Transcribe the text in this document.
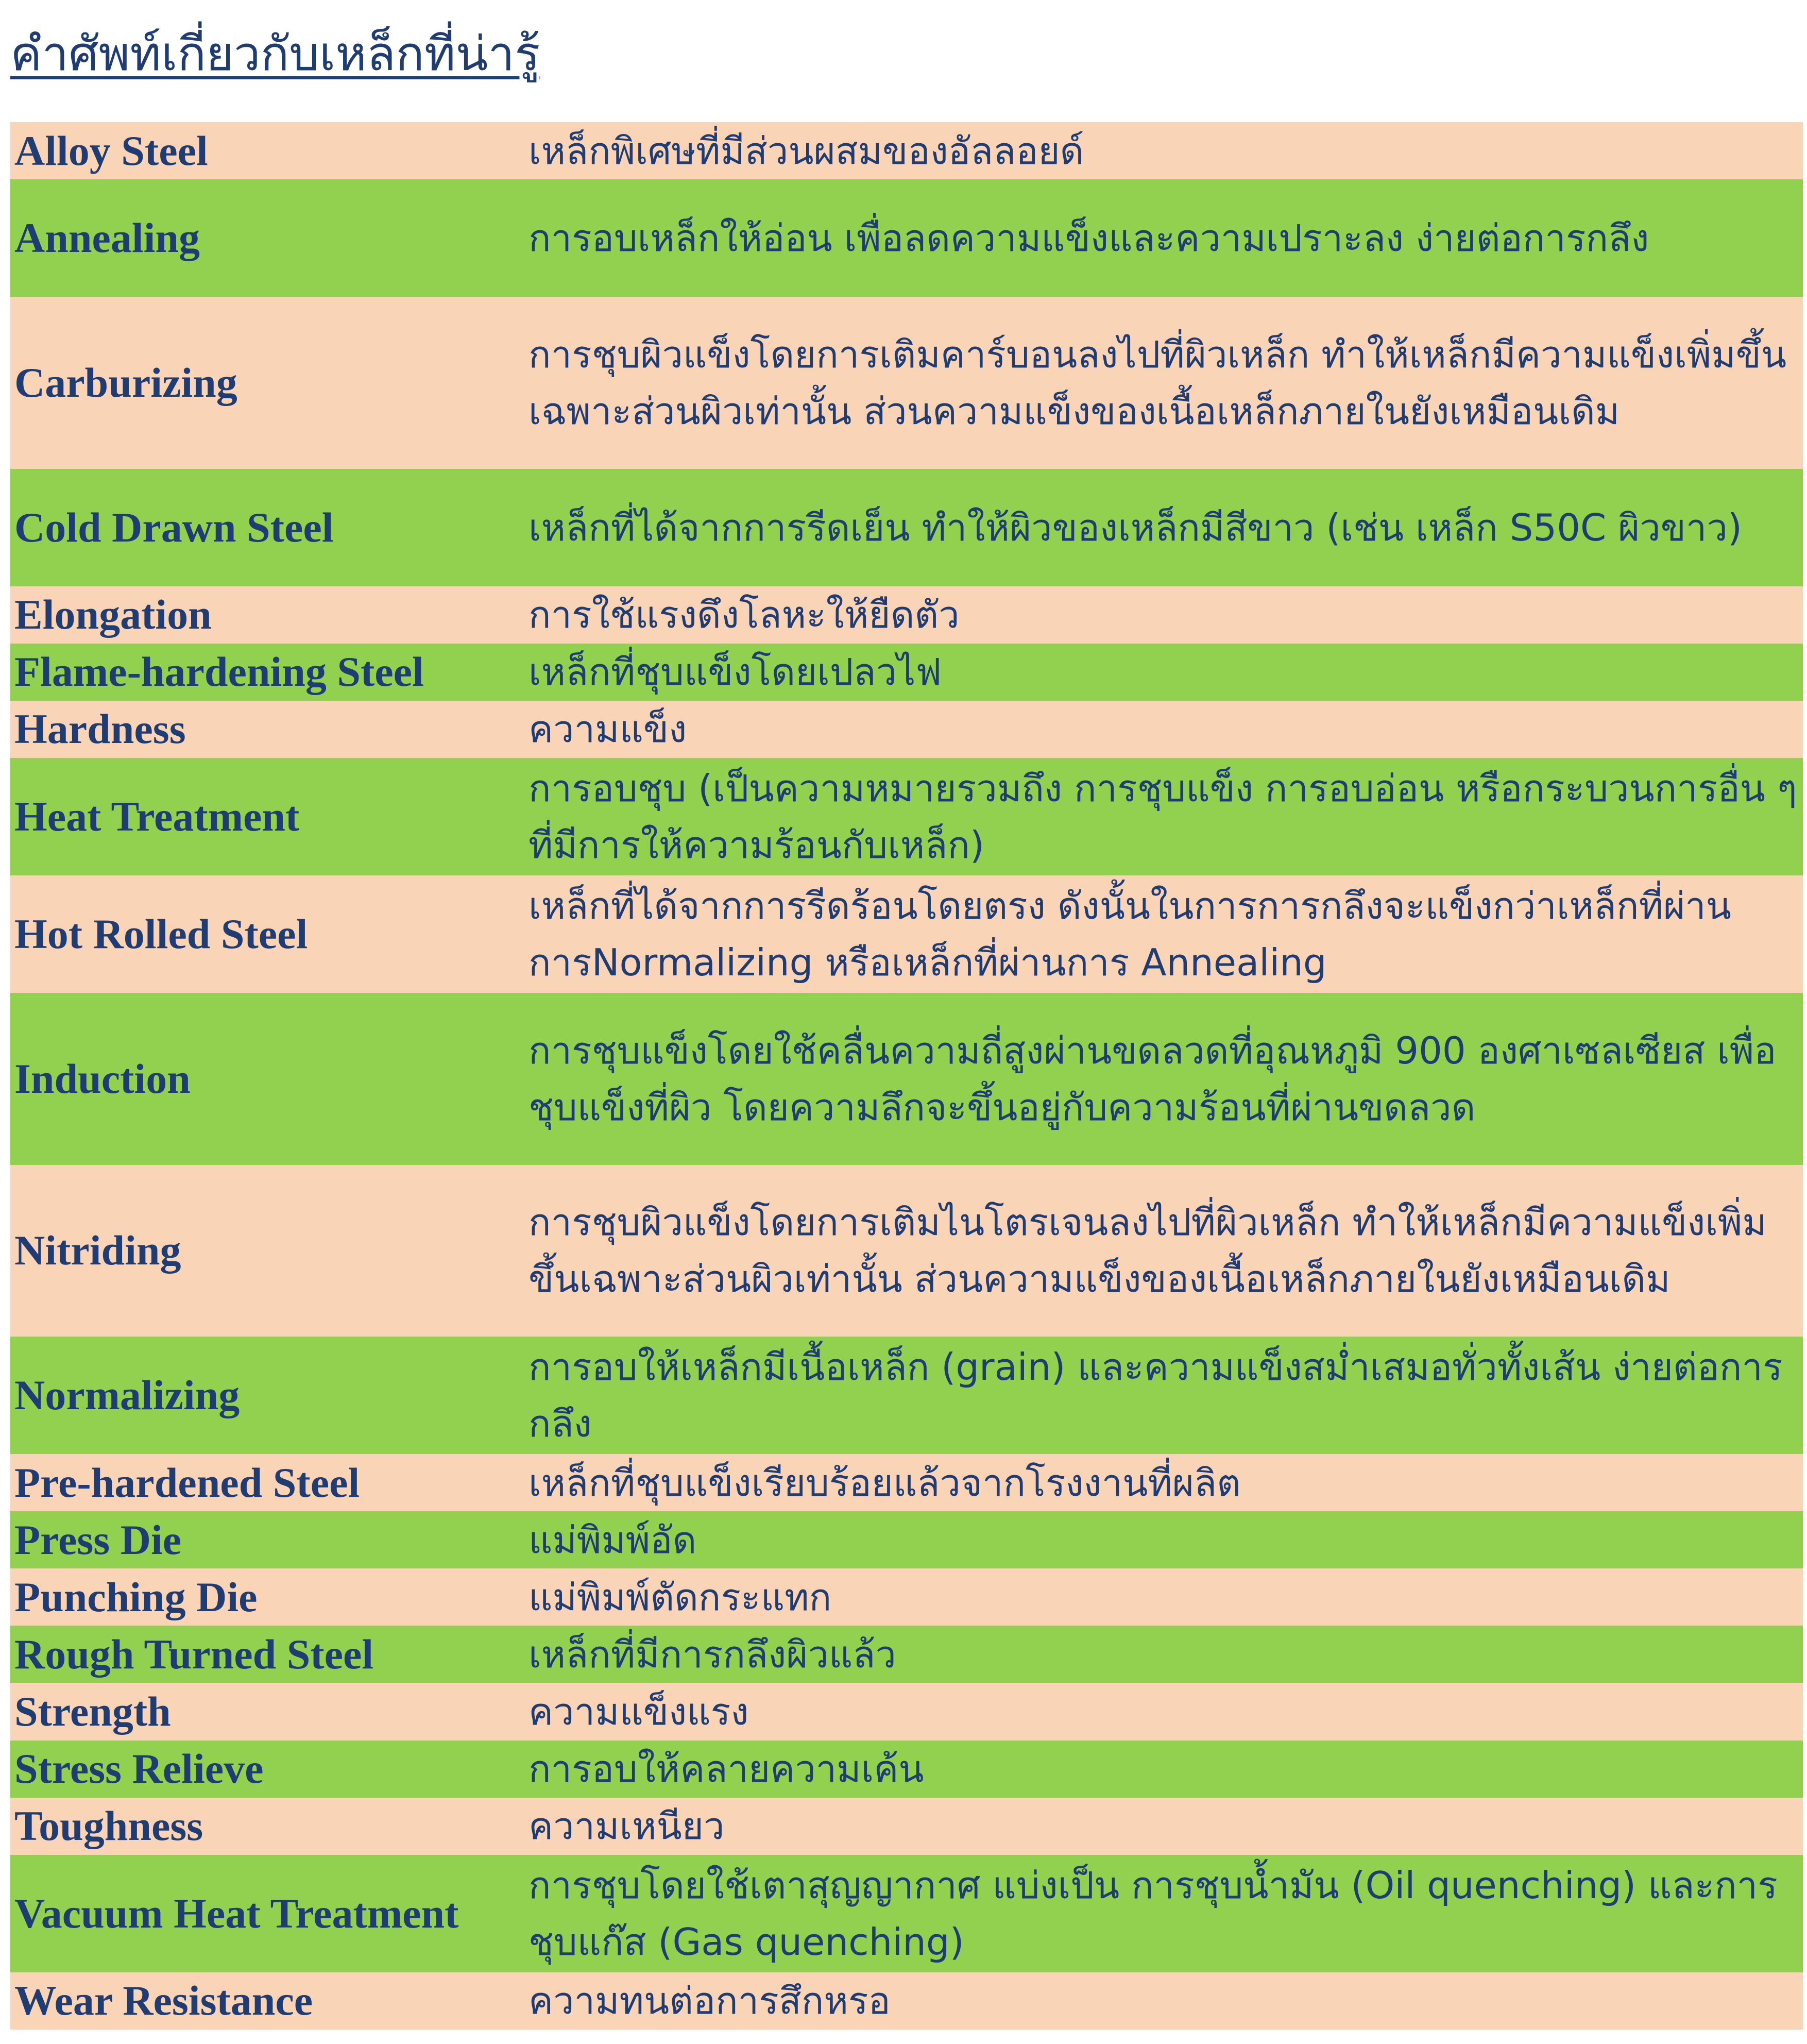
คำศัพท์เกี่ยวกับเหล็กที่น่ารู้
Alloy Steel	เหล็กพิเศษที่มีส่วนผสมของอัลลอยด์
Annealing	การอบเหล็กให้อ่อน เพื่อลดความแข็งและความเปราะลง ง่ายต่อการกลึง
Carburizing	การชุบผิวแข็งโดยการเติมคาร์บอนลงไปที่ผิวเหล็ก ทำให้เหล็กมีความแข็งเพิ่มขึ้นเฉพาะส่วนผิวเท่านั้น ส่วนความแข็งของเนื้อเหล็กภายในยังเหมือนเดิม
Cold Drawn Steel	เหล็กที่ได้จากการรีดเย็น ทำให้ผิวของเหล็กมีสีขาว (เช่น เหล็ก S50C ผิวขาว)
Elongation	การใช้แรงดึงโลหะให้ยืดตัว
Flame-hardening Steel	เหล็กที่ชุบแข็งโดยเปลวไฟ
Hardness	ความแข็ง
Heat Treatment	การอบชุบ (เป็นความหมายรวมถึง การชุบแข็ง การอบอ่อน หรือกระบวนการอื่น ๆ ที่มีการให้ความร้อนกับเหล็ก)
Hot Rolled Steel	เหล็กที่ได้จากการรีดร้อนโดยตรง ดังนั้นในการการกลึงจะแข็งกว่าเหล็กที่ผ่านการNormalizing หรือเหล็กที่ผ่านการ Annealing
Induction	การชุบแข็งโดยใช้คลื่นความถี่สูงผ่านขดลวดที่อุณหภูมิ 900 องศาเซลเซียส เพื่อชุบแข็งที่ผิว โดยความลึกจะขึ้นอยู่กับความร้อนที่ผ่านขดลวด
Nitriding	การชุบผิวแข็งโดยการเติมไนโตรเจนลงไปที่ผิวเหล็ก ทำให้เหล็กมีความแข็งเพิ่มขึ้นเฉพาะส่วนผิวเท่านั้น ส่วนความแข็งของเนื้อเหล็กภายในยังเหมือนเดิม
Normalizing	การอบให้เหล็กมีเนื้อเหล็ก (grain) และความแข็งสม่ำเสมอทั่วทั้งเส้น ง่ายต่อการกลึง
Pre-hardened Steel	เหล็กที่ชุบแข็งเรียบร้อยแล้วจากโรงงานที่ผลิต
Press Die	แม่พิมพ์อัด
Punching Die	แม่พิมพ์ตัดกระแทก
Rough Turned Steel	เหล็กที่มีการกลึงผิวแล้ว
Strength	ความแข็งแรง
Stress Relieve	การอบให้คลายความเค้น
Toughness	ความเหนียว
Vacuum Heat Treatment	การชุบโดยใช้เตาสุญญากาศ แบ่งเป็น การชุบน้ำมัน (Oil quenching) และการชุบแก๊ส (Gas quenching)
Wear Resistance	ความทนต่อการสึกหรอ
